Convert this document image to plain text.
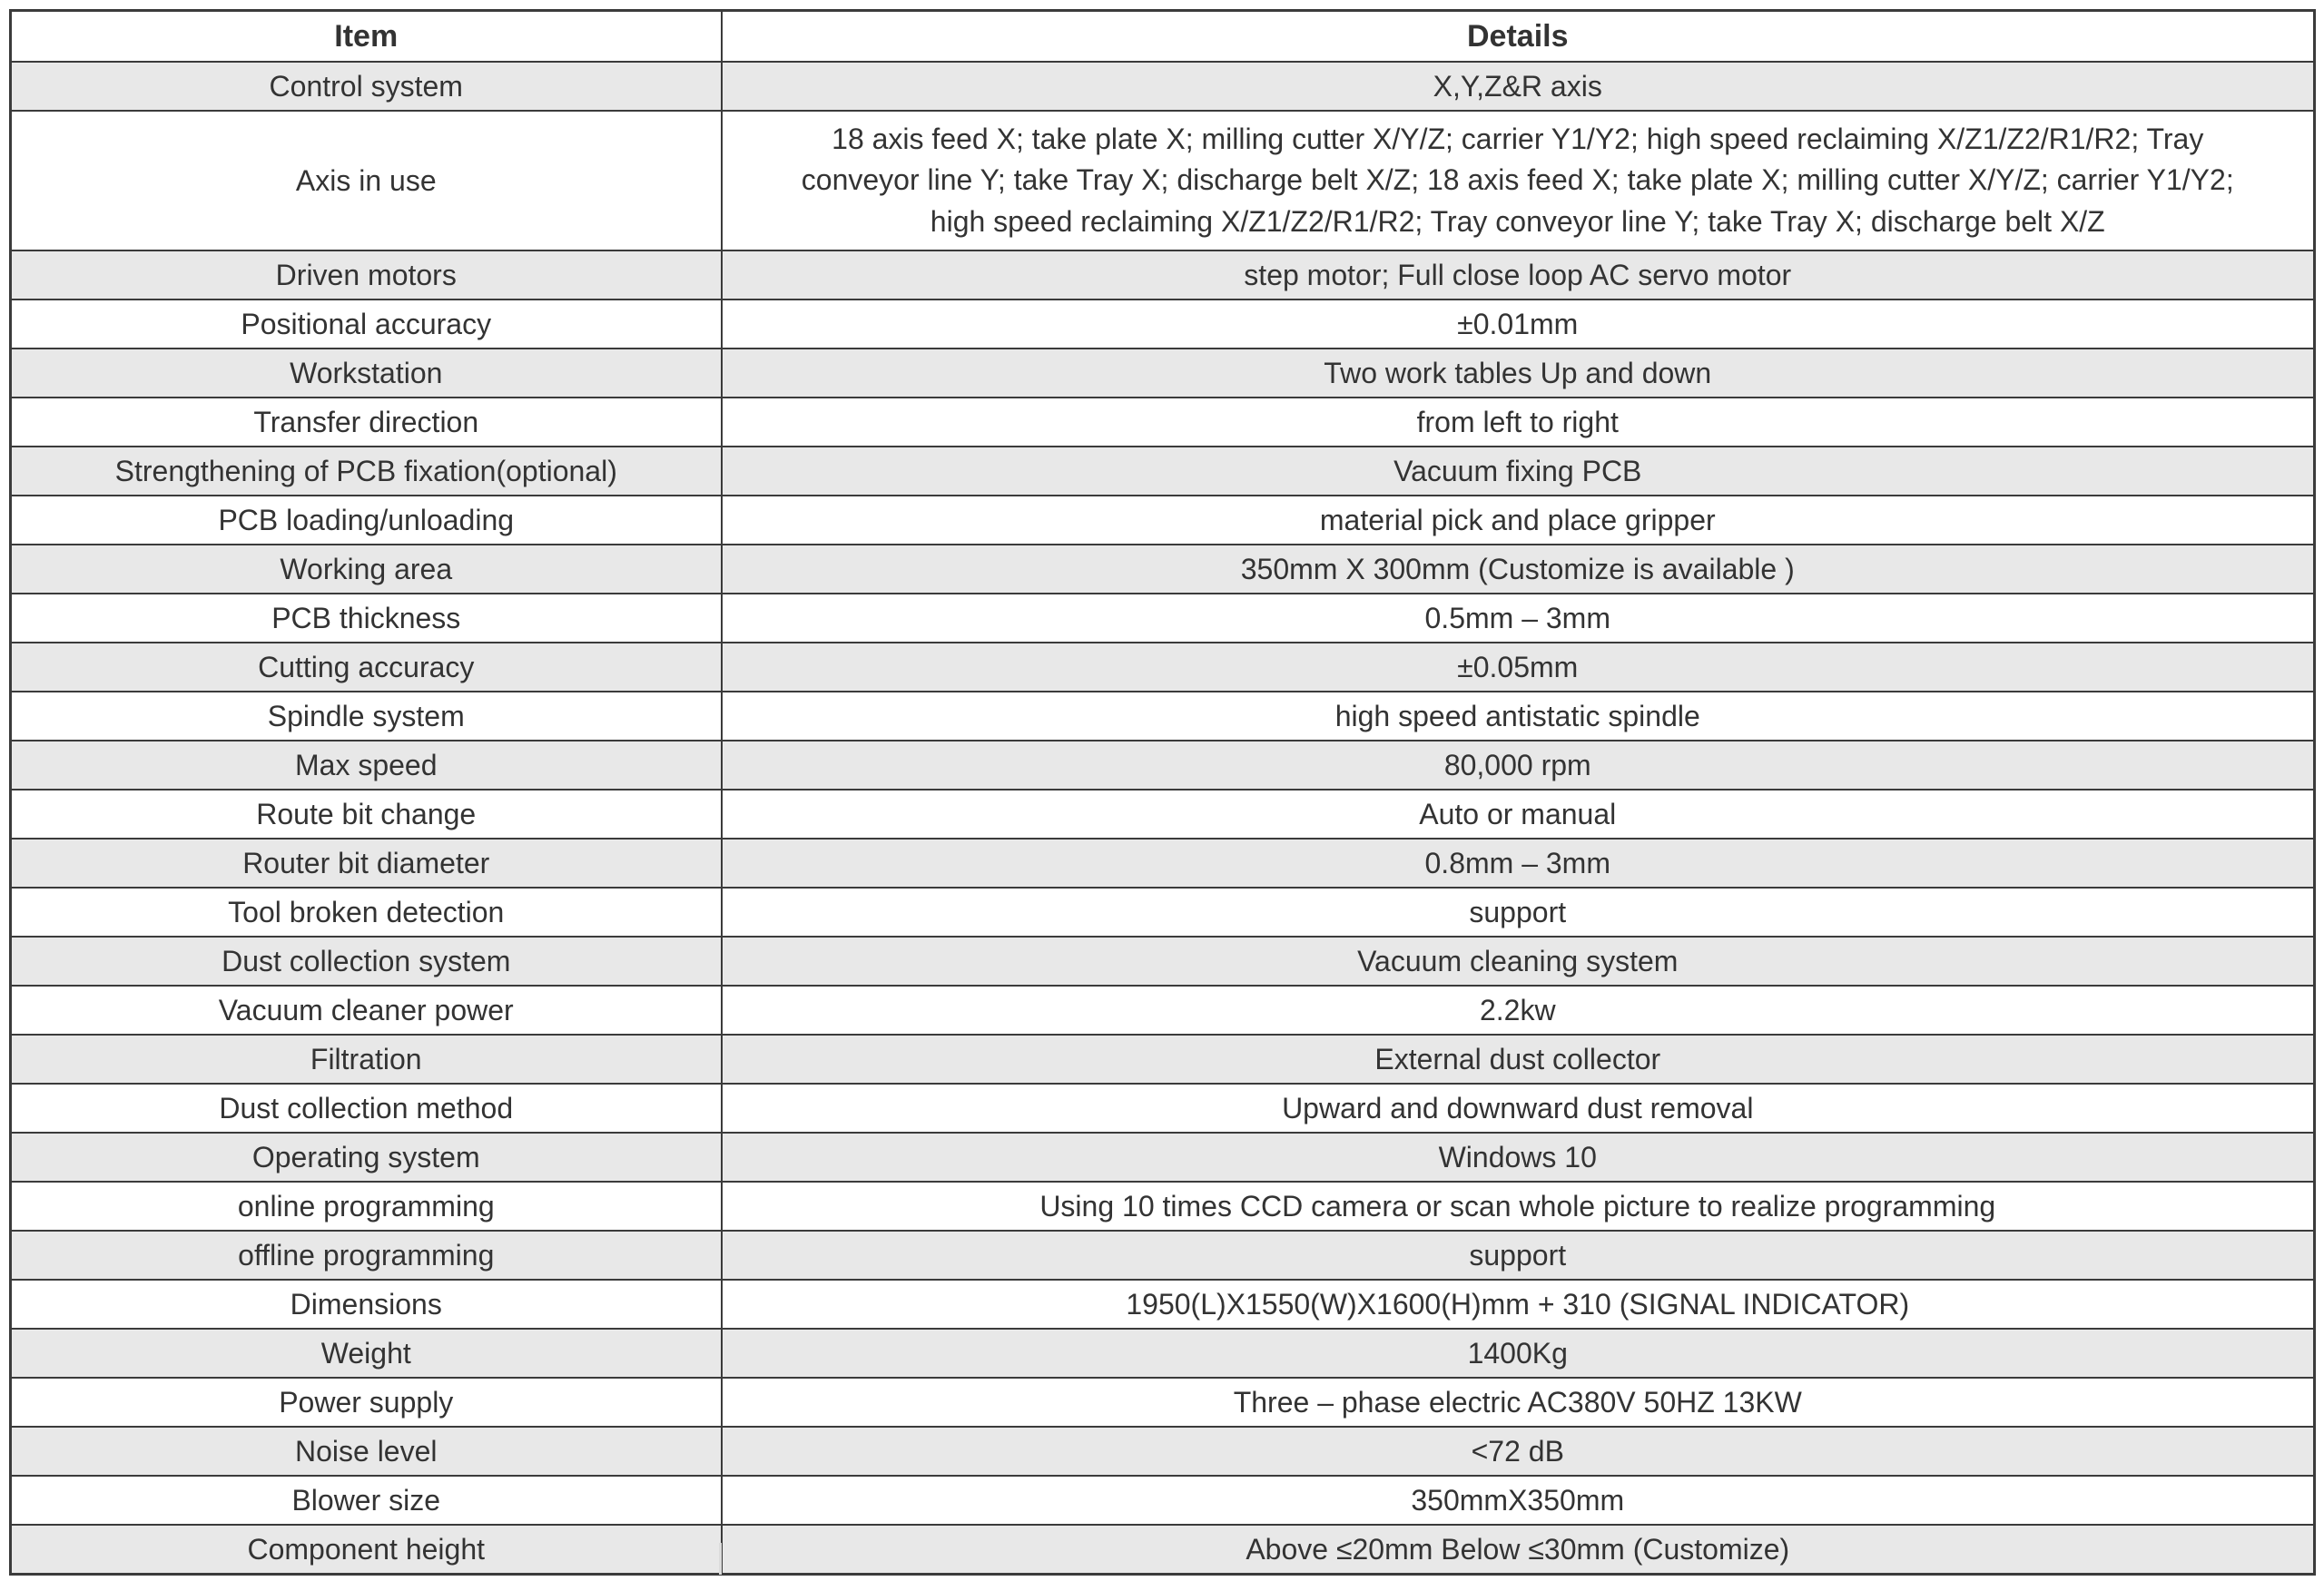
Item	Details
Control system	X,Y,Z&R axis
Axis in use	18 axis feed X; take plate X; milling cutter X/Y/Z; carrier Y1/Y2; high speed reclaiming X/Z1/Z2/R1/R2; Tray conveyor line Y; take Tray X; discharge belt X/Z; 18 axis feed X; take plate X; milling cutter X/Y/Z; carrier Y1/Y2; high speed reclaiming X/Z1/Z2/R1/R2; Tray conveyor line Y; take Tray X; discharge belt X/Z
Driven motors	step motor; Full close loop AC servo motor
Positional accuracy	±0.01mm
Workstation	Two work tables Up and down
Transfer direction	from left to right
Strengthening of PCB fixation(optional)	Vacuum fixing PCB
PCB loading/unloading	material pick and place gripper
Working area	350mm X 300mm (Customize is available )
PCB thickness	0.5mm – 3mm
Cutting accuracy	±0.05mm
Spindle system	high speed antistatic spindle
Max speed	80,000 rpm
Route bit change	Auto or manual
Router bit diameter	0.8mm – 3mm
Tool broken detection	support
Dust collection system	Vacuum cleaning system
Vacuum cleaner power	2.2kw
Filtration	External dust collector
Dust collection method	Upward and downward dust removal
Operating system	Windows 10
online programming	Using 10 times CCD camera or scan whole picture to realize programming
offline programming	support
Dimensions	1950(L)X1550(W)X1600(H)mm + 310 (SIGNAL INDICATOR)
Weight	1400Kg
Power supply	Three – phase electric AC380V 50HZ 13KW
Noise level	<72 dB
Blower size	350mmX350mm
Component height	Above ≤20mm Below ≤30mm (Customize)
